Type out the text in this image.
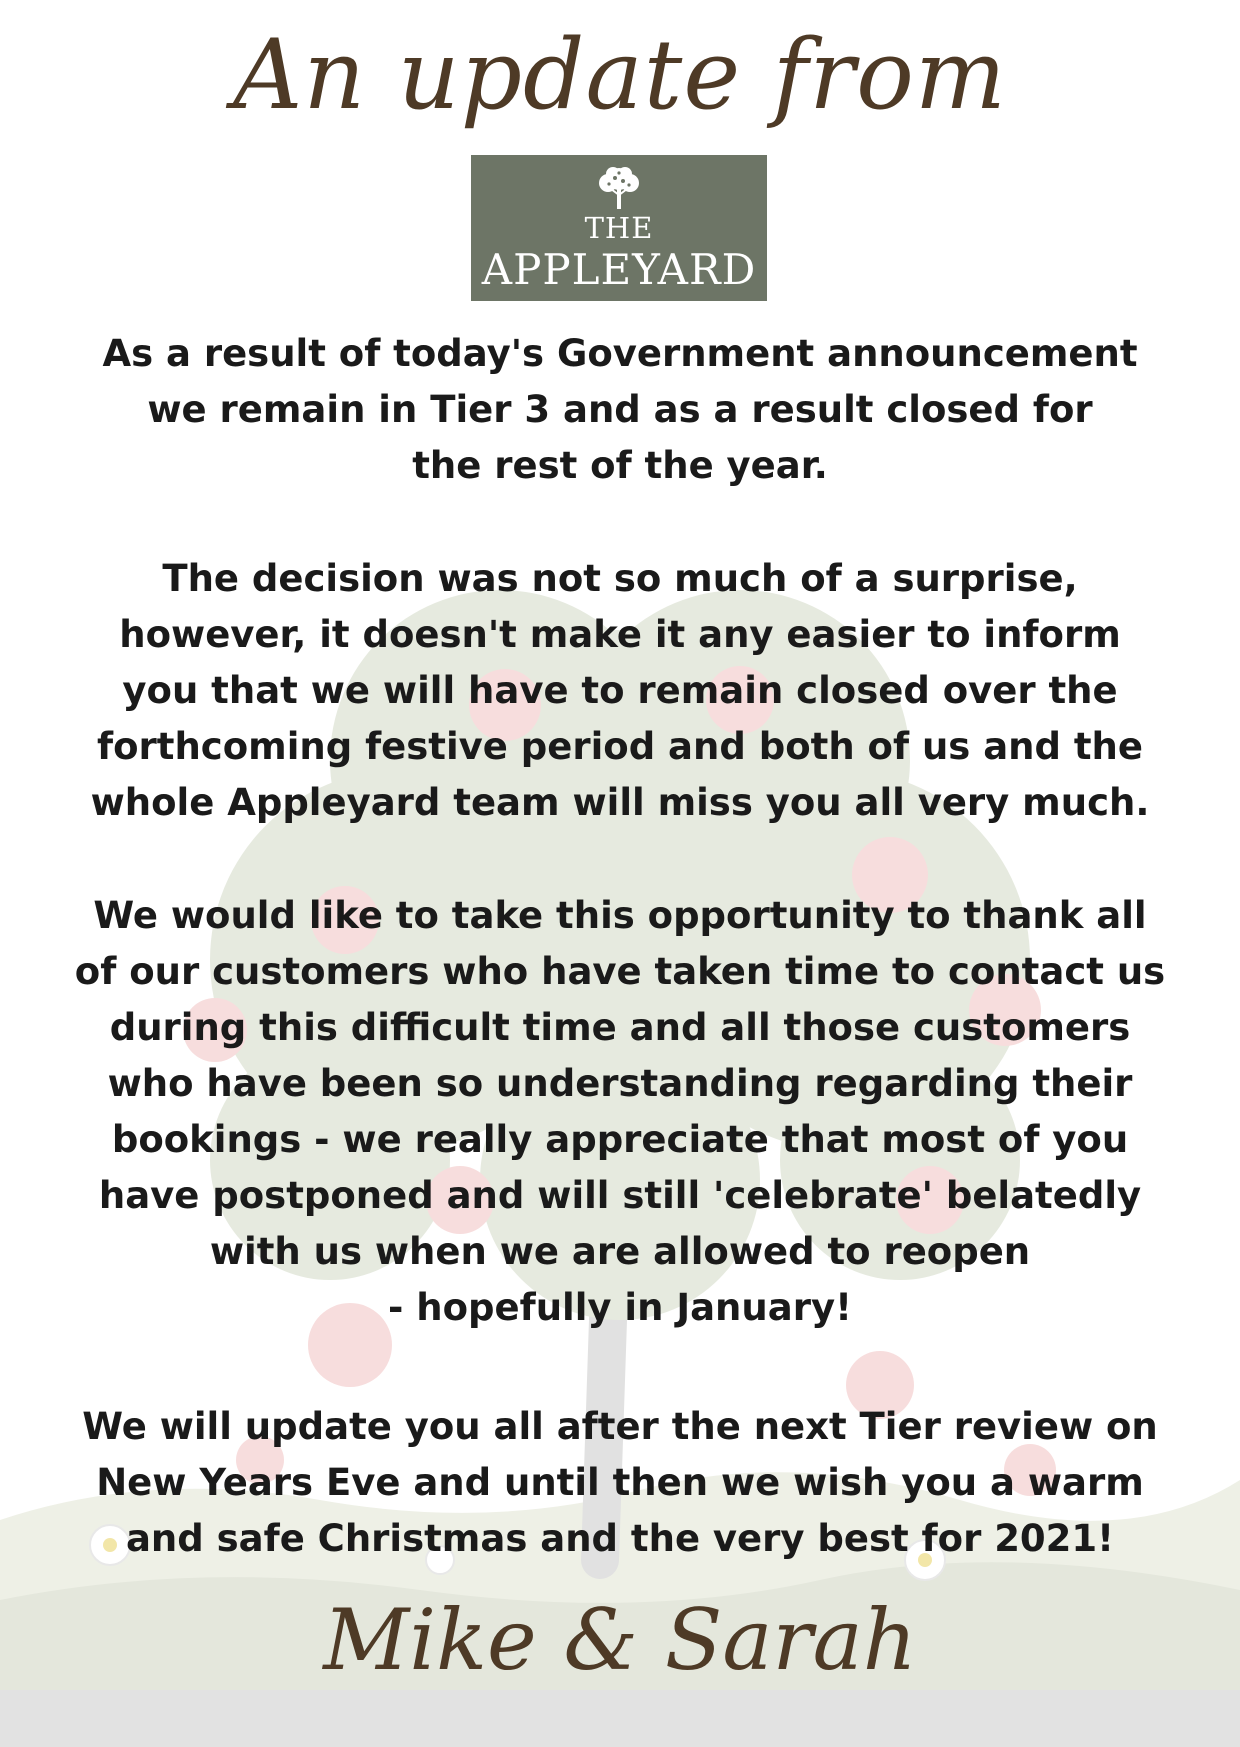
An update from
THE
APPLEYARD
As a result of today's Government announcement
we remain in Tier 3 and as a result closed for
the rest of the year.
The decision was not so much of a surprise,
however, it doesn't make it any easier to inform
you that we will have to remain closed over the
forthcoming festive period and both of us and the
whole Appleyard team will miss you all very much.
We would like to take this opportunity to thank all
of our customers who have taken time to contact us
during this difficult time and all those customers
who have been so understanding regarding their
bookings - we really appreciate that most of you
have postponed and will still 'celebrate' belatedly
with us when we are allowed to reopen
- hopefully in January!
We will update you all after the next Tier review on
New Years Eve and until then we wish you a warm
and safe Christmas and the very best for 2021!
Mike & Sarah
